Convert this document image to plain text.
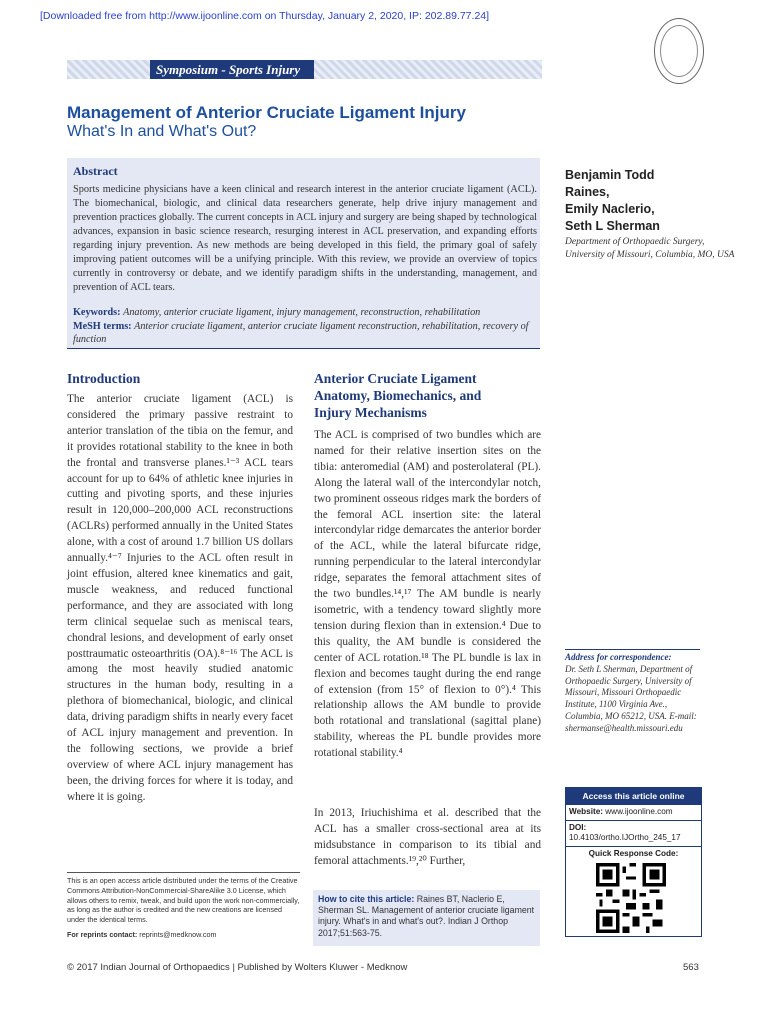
[Downloaded free from http://www.ijoonline.com on Thursday, January 2, 2020, IP: 202.89.77.24]
Symposium - Sports Injury
Management of Anterior Cruciate Ligament Injury
What's In and What's Out?
Abstract
Sports medicine physicians have a keen clinical and research interest in the anterior cruciate ligament (ACL). The biomechanical, biologic, and clinical data researchers generate, help drive injury management and prevention practices globally. The current concepts in ACL injury and surgery are being shaped by technological advances, expansion in basic science research, resurging interest in ACL preservation, and expanding efforts regarding injury prevention. As new methods are being developed in this field, the primary goal of safely improving patient outcomes will be a unifying principle. With this review, we provide an overview of topics currently in controversy or debate, and we identify paradigm shifts in the understanding, management, and prevention of ACL tears.
Keywords: Anatomy, anterior cruciate ligament, injury management, reconstruction, rehabilitation
MeSH terms: Anterior cruciate ligament, anterior cruciate ligament reconstruction, rehabilitation, recovery of function
Benjamin Todd
Raines,
Emily Naclerio,
Seth L Sherman
Department of Orthopaedic Surgery, University of Missouri, Columbia, MO, USA
Introduction
The anterior cruciate ligament (ACL) is considered the primary passive restraint to anterior translation of the tibia on the femur, and it provides rotational stability to the knee in both the frontal and transverse planes.¹⁻³ ACL tears account for up to 64% of athletic knee injuries in cutting and pivoting sports, and these injuries result in 120,000–200,000 ACL reconstructions (ACLRs) performed annually in the United States alone, with a cost of around 1.7 billion US dollars annually.⁴⁻⁷ Injuries to the ACL often result in joint effusion, altered knee kinematics and gait, muscle weakness, and reduced functional performance, and they are associated with long term clinical sequelae such as meniscal tears, chondral lesions, and development of early onset posttraumatic osteoarthritis (OA).⁸⁻¹⁶ The ACL is among the most heavily studied anatomic structures in the human body, resulting in a plethora of biomechanical, biologic, and clinical data, driving paradigm shifts in nearly every facet of ACL injury management and prevention. In the following sections, we provide a brief overview of where ACL injury management has been, the driving forces for where it is today, and where it is going.
Anterior Cruciate Ligament Anatomy, Biomechanics, and Injury Mechanisms
The ACL is comprised of two bundles which are named for their relative insertion sites on the tibia: anteromedial (AM) and posterolateral (PL). Along the lateral wall of the intercondylar notch, two prominent osseous ridges mark the borders of the femoral ACL insertion site: the lateral intercondylar ridge demarcates the anterior border of the ACL, while the lateral bifurcate ridge, running perpendicular to the lateral intercondylar ridge, separates the femoral attachment sites of the two bundles.¹⁴,¹⁷ The AM bundle is nearly isometric, with a tendency toward slightly more tension during flexion than in extension.⁴ Due to this quality, the AM bundle is considered the center of ACL rotation.¹⁸ The PL bundle is lax in flexion and becomes taught during the end range of extension (from 15° of flexion to 0°).⁴ This relationship allows the AM bundle to provide both rotational and translational (sagittal plane) stability, whereas the PL bundle provides more rotational stability.⁴
In 2013, Iriuchishima et al. described that the ACL has a smaller cross-sectional area at its midsubstance in comparison to its tibial and femoral attachments.¹⁹,²⁰ Further,
Address for correspondence:
Dr. Seth L Sherman, Department of Orthopaedic Surgery, University of Missouri, Missouri Orthopaedic Institute, 1100 Virginia Ave., Columbia, MO 65212, USA. E-mail: shermanse@health.missouri.edu
Access this article online
Website: www.ijoonline.com
DOI:
10.4103/ortho.IJOrtho_245_17
Quick Response Code:
This is an open access article distributed under the terms of the Creative Commons Attribution-NonCommercial-ShareAlike 3.0 License, which allows others to remix, tweak, and build upon the work non-commercially, as long as the author is credited and the new creations are licensed under the identical terms.
For reprints contact: reprints@medknow.com
How to cite this article: Raines BT, Naclerio E, Sherman SL. Management of anterior cruciate ligament injury. What's in and what's out?. Indian J Orthop 2017;51:563-75.
© 2017 Indian Journal of Orthopaedics | Published by Wolters Kluwer - Medknow	563
